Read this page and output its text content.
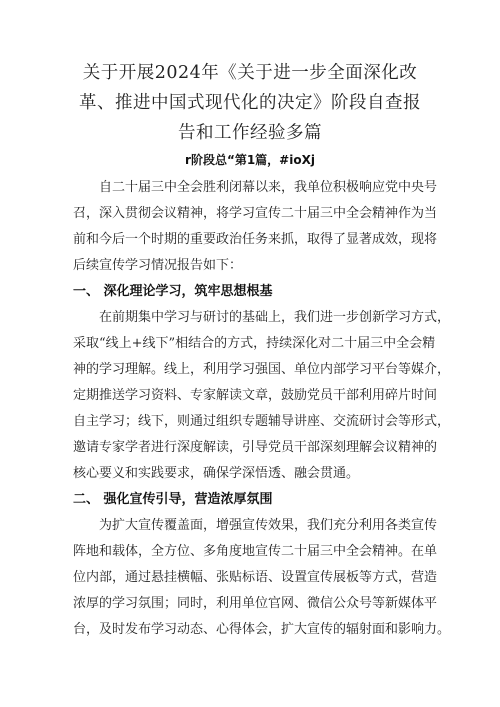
关于开展2024年《关于进一步全面深化改
革、推进中国式现代化的决定》阶段自查报
告和工作经验多篇
r阶段总“第1篇，#ioXj
自二十届三中全会胜利闭幕以来，我单位积极响应党中央号
召，深入贯彻会议精神，将学习宣传二十届三中全会精神作为当
前和今后一个时期的重要政治任务来抓，取得了显著成效，现将
后续宣传学习情况报告如下：
一、 深化理论学习，筑牢思想根基
在前期集中学习与研讨的基础上，我们进一步创新学习方式，
采取“线上+线下”相结合的方式，持续深化对二十届三中全会精
神的学习理解。线上，利用学习强国、单位内部学习平台等媒介，
定期推送学习资料、专家解读文章，鼓励党员干部利用碎片时间
自主学习；线下，则通过组织专题辅导讲座、交流研讨会等形式，
邀请专家学者进行深度解读，引导党员干部深刻理解会议精神的
核心要义和实践要求，确保学深悟透、融会贯通。
二、 强化宣传引导，营造浓厚氛围
为扩大宣传覆盖面，增强宣传效果，我们充分利用各类宣传
阵地和载体，全方位、多角度地宣传二十届三中全会精神。在单
位内部，通过悬挂横幅、张贴标语、设置宣传展板等方式，营造
浓厚的学习氛围；同时，利用单位官网、微信公众号等新媒体平
台，及时发布学习动态、心得体会，扩大宣传的辐射面和影响力。
